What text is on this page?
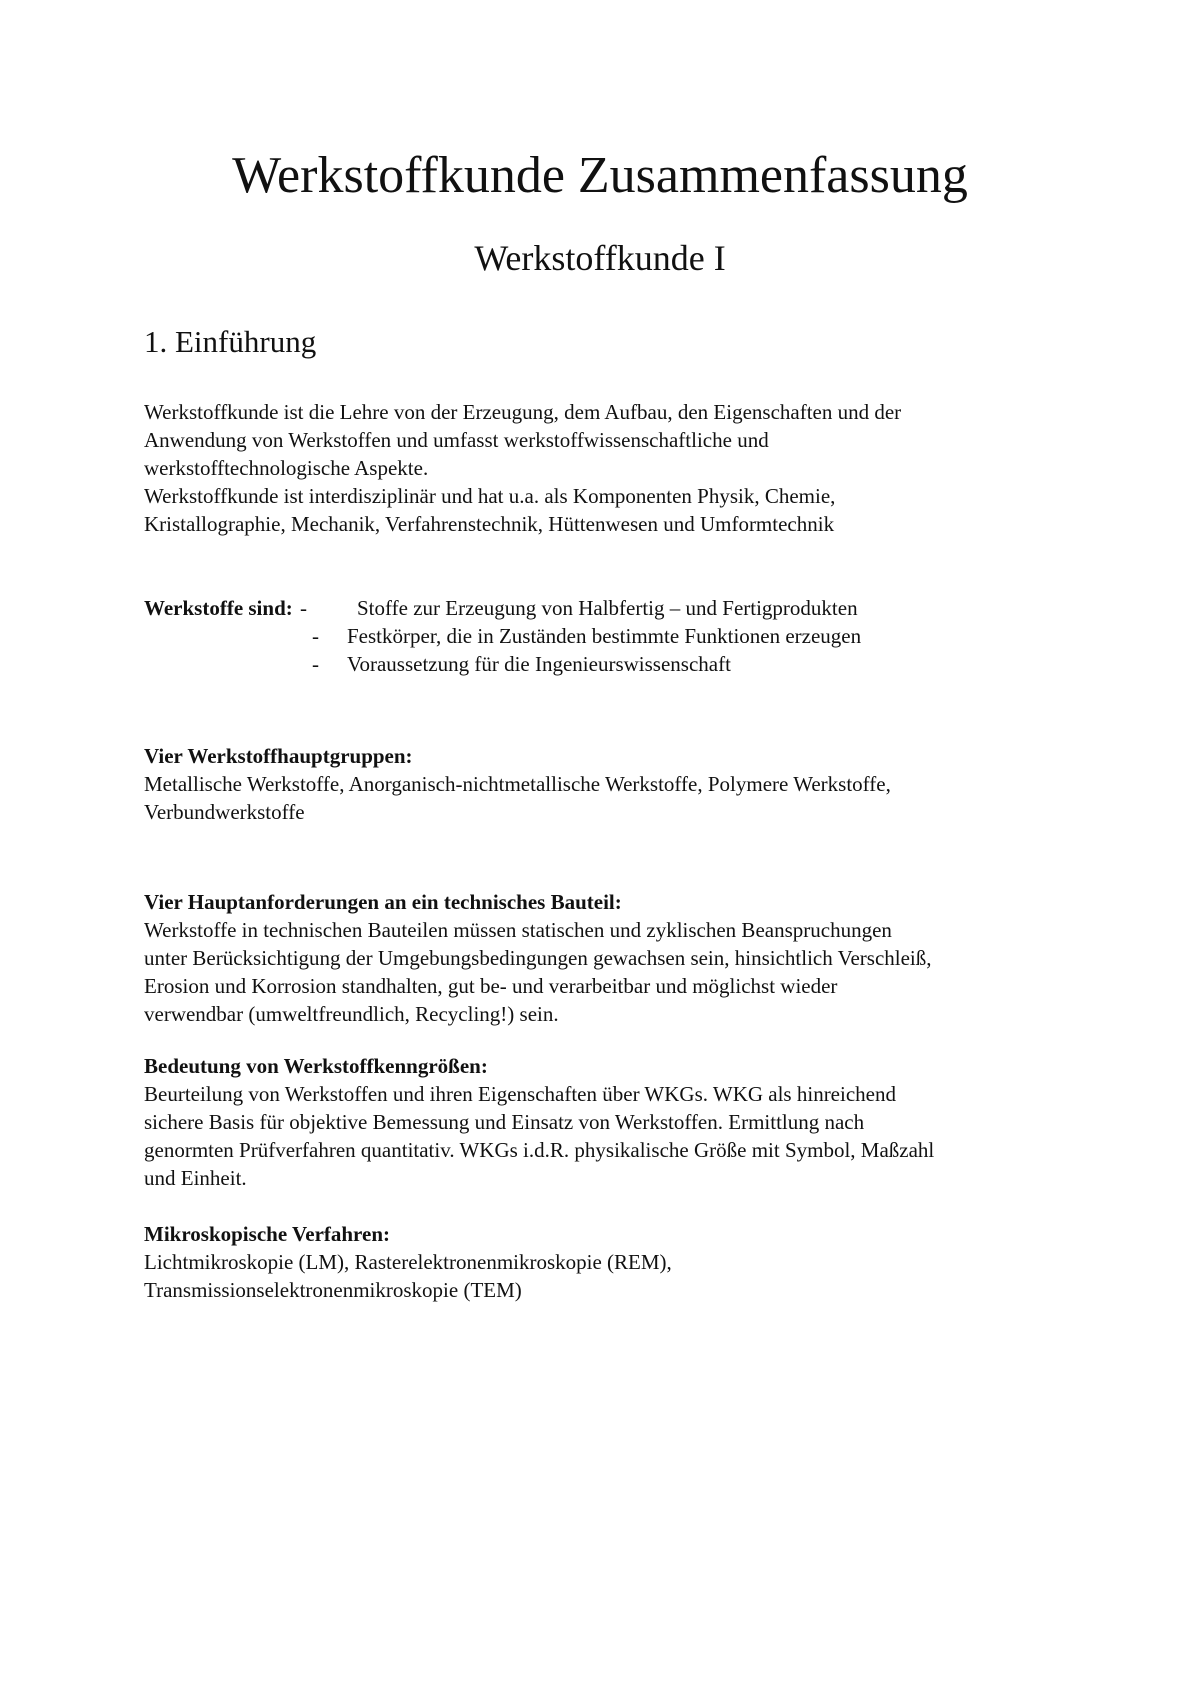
Werkstoffkunde Zusammenfassung
Werkstoffkunde I
1. Einführung

Werkstoffkunde ist die Lehre von der Erzeugung, dem Aufbau, den Eigenschaften und der

Anwendung von Werkstoffen und umfasst werkstoffwissenschaftliche und

werkstofftechnologische Aspekte.

Werkstoffkunde ist interdisziplinär und hat u.a. als Komponenten Physik, Chemie,

Kristallographie, Mechanik, Verfahrenstechnik, Hüttenwesen und Umformtechnik

Werkstoffe sind: - Stoffe zur Erzeugung von Halbfertig – und Fertigprodukten
- Festkörper, die in Zuständen bestimmte Funktionen erzeugen
- Voraussetzung für die Ingenieurswissenschaft

Vier Werkstoffhauptgruppen:

Metallische Werkstoffe, Anorganisch-nichtmetallische Werkstoffe, Polymere Werkstoffe,

Verbundwerkstoffe

Vier Hauptanforderungen an ein technisches Bauteil:

Werkstoffe in technischen Bauteilen müssen statischen und zyklischen Beanspruchungen

unter Berücksichtigung der Umgebungsbedingungen gewachsen sein, hinsichtlich Verschleiß,

Erosion und Korrosion standhalten, gut be- und verarbeitbar und möglichst wieder

verwendbar (umweltfreundlich, Recycling!) sein.

Bedeutung von Werkstoffkenngrößen:

Beurteilung von Werkstoffen und ihren Eigenschaften über WKGs. WKG als hinreichend

sichere Basis für objektive Bemessung und Einsatz von Werkstoffen. Ermittlung nach

genormten Prüfverfahren quantitativ. WKGs i.d.R. physikalische Größe mit Symbol, Maßzahl

und Einheit.

Mikroskopische Verfahren:

Lichtmikroskopie (LM), Rasterelektronenmikroskopie (REM),

Transmissionselektronenmikroskopie (TEM)
